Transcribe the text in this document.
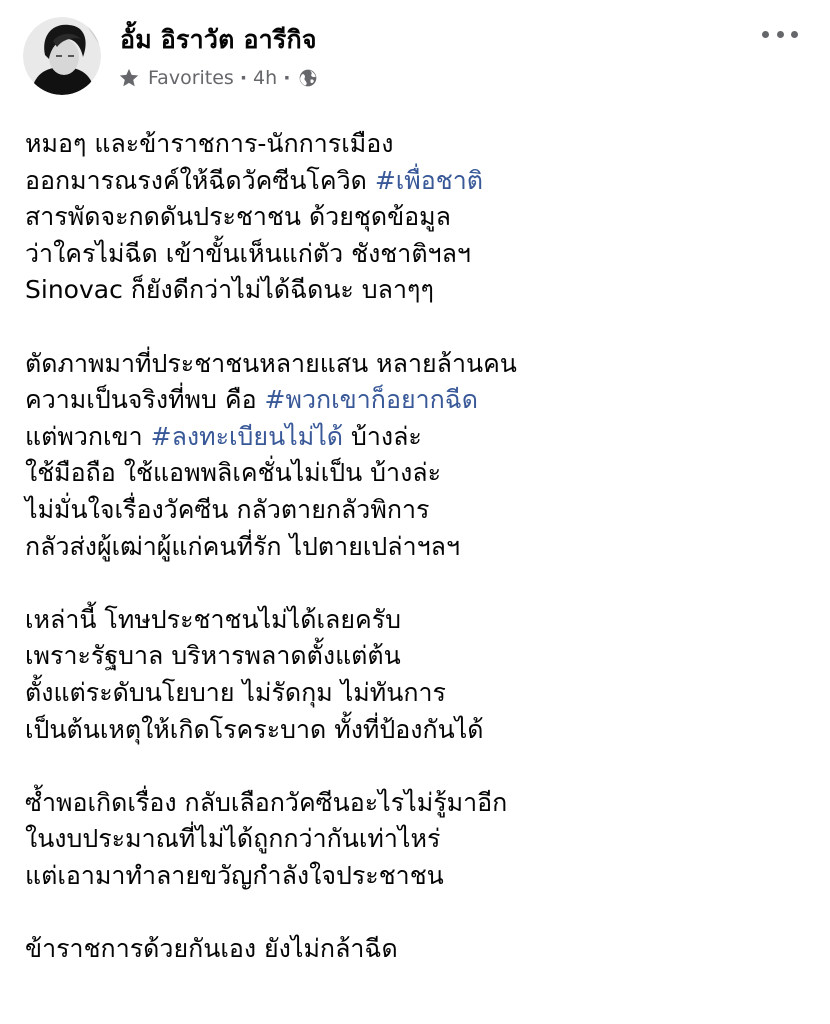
อั้ม อิราวัต อารีกิจ
Favorites · 4h ·
หมอๆ และข้าราชการ-นักการเมือง
ออกมารณรงค์ให้ฉีดวัคซีนโควิด #เพื่อชาติ
สารพัดจะกดดันประชาชน ด้วยชุดข้อมูล
ว่าใครไม่ฉีด เข้าขั้นเห็นแก่ตัว ชังชาติฯลฯ
Sinovac ก็ยังดีกว่าไม่ได้ฉีดนะ บลาๆๆ
ตัดภาพมาที่ประชาชนหลายแสน หลายล้านคน
ความเป็นจริงที่พบ คือ #พวกเขาก็อยากฉีด
แต่พวกเขา #ลงทะเบียนไม่ได้ บ้างล่ะ
ใช้มือถือ ใช้แอพพลิเคชั่นไม่เป็น บ้างล่ะ
ไม่มั่นใจเรื่องวัคซีน กลัวตายกลัวพิการ
กลัวส่งผู้เฒ่าผู้แก่คนที่รัก ไปตายเปล่าฯลฯ
เหล่านี้ โทษประชาชนไม่ได้เลยครับ
เพราะรัฐบาล บริหารพลาดตั้งแต่ต้น
ตั้งแต่ระดับนโยบาย ไม่รัดกุม ไม่ทันการ
เป็นต้นเหตุให้เกิดโรคระบาด ทั้งที่ป้องกันได้
ซ้ำพอเกิดเรื่อง กลับเลือกวัคซีนอะไรไม่รู้มาอีก
ในงบประมาณที่ไม่ได้ถูกกว่ากันเท่าไหร่
แต่เอามาทำลายขวัญกำลังใจประชาชน
ข้าราชการด้วยกันเอง ยังไม่กล้าฉีด
